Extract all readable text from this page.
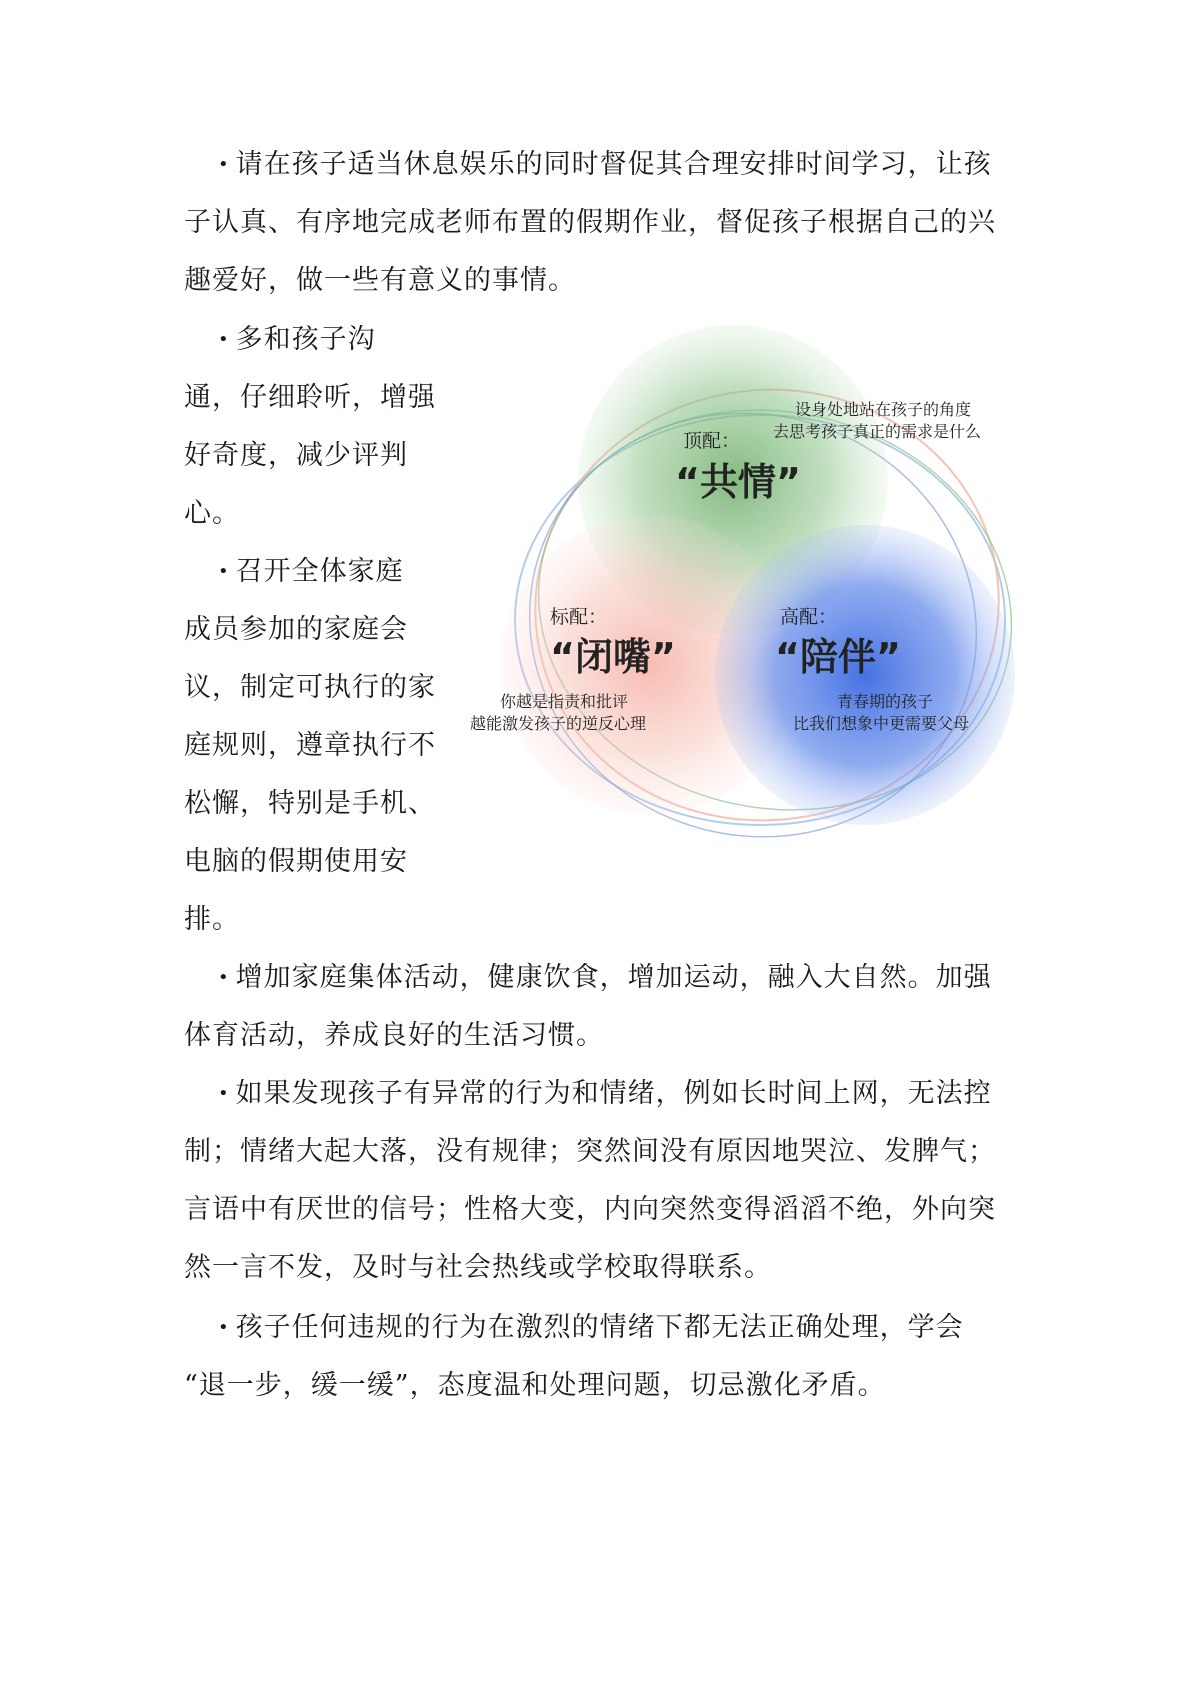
• 请在孩子适当休息娱乐的同时督促其合理安排时间学习，让孩
子认真、有序地完成老师布置的假期作业，督促孩子根据自己的兴
趣爱好，做一些有意义的事情。
• 多和孩子沟
通，仔细聆听，增强
好奇度，减少评判
心。
• 召开全体家庭
成员参加的家庭会
议，制定可执行的家
庭规则，遵章执行不
松懈，特别是手机、
电脑的假期使用安
排。
• 增加家庭集体活动，健康饮食，增加运动，融入大自然。加强
体育活动，养成良好的生活习惯。
• 如果发现孩子有异常的行为和情绪，例如长时间上网，无法控
制；情绪大起大落，没有规律；突然间没有原因地哭泣、发脾气；
言语中有厌世的信号；性格大变，内向突然变得滔滔不绝，外向突
然一言不发，及时与社会热线或学校取得联系。
• 孩子任何违规的行为在激烈的情绪下都无法正确处理，学会
“退一步，缓一缓”，态度温和处理问题，切忌激化矛盾。
顶配：
“共情”
设身处地站在孩子的角度
去思考孩子真正的需求是什么
标配：
“闭嘴”
你越是指责和批评
越能激发孩子的逆反心理
高配：
“陪伴”
青春期的孩子
比我们想象中更需要父母
